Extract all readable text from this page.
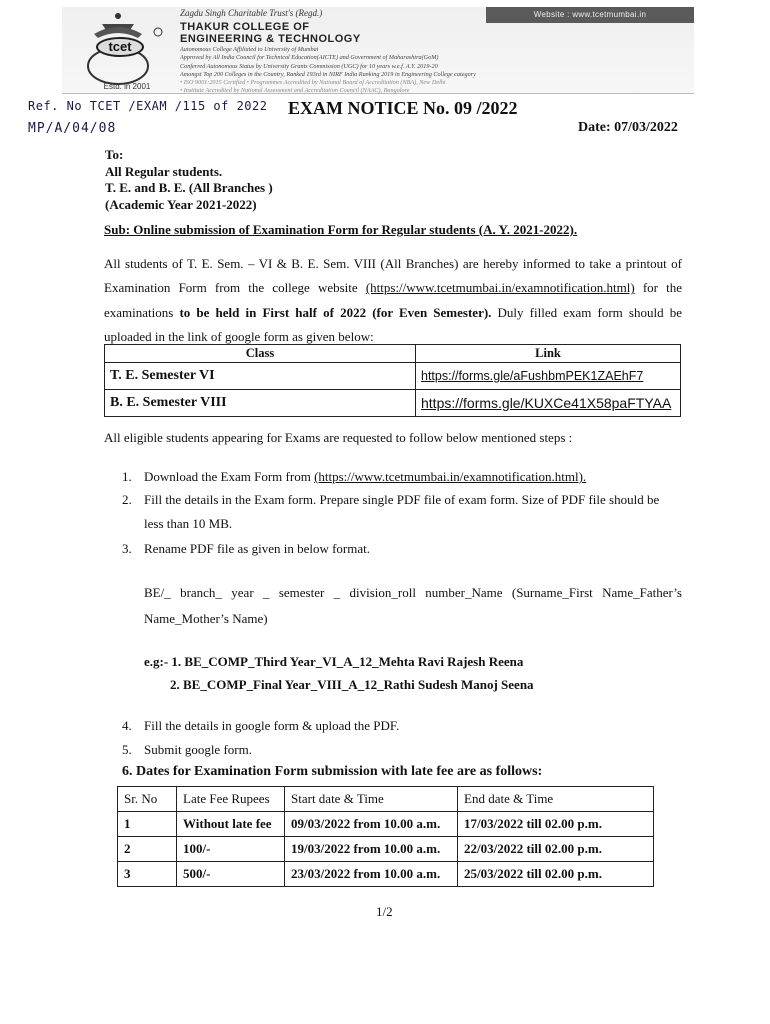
Website : www.tcetmumbai.in
tcet
Estd. in 2001
Zagdu Singh Charitable Trust's (Regd.)
THAKUR COLLEGE OF
ENGINEERING & TECHNOLOGY
Autonomous College Affiliated to University of Mumbai
Approved by All India Council for Technical Education(AICTE) and Government of Maharashtra(GoM)
Conferred Autonomous Status by University Grants Commission (UGC) for 10 years w.e.f. A.Y. 2019-20
Amongst Top 200 Colleges in the Country, Ranked 193rd in NIRF India Ranking 2019 in Engineering College category
• ISO 9001:2015 Certified • Programmes Accredited by National Board of Accreditation (NBA), New Delhi
• Institute Accredited by National Assessment and Accreditation Council (NAAC), Bangalore
Ref. No TCET /EXAM /115 of 2022
MP/A/04/08
EXAM NOTICE No. 09 /2022
Date: 07/03/2022
To:
All Regular students.
T. E. and B. E. (All Branches )
(Academic Year 2021-2022)
Sub: Online submission of Examination Form for Regular students (A. Y. 2021-2022).
All students of T. E. Sem. – VI & B. E. Sem. VIII (All Branches) are hereby informed to take a printout of Examination Form from the college website (https://www.tcetmumbai.in/examnotification.html) for the examinations to be held in First half of 2022 (for Even Semester). Duly filled exam form should be uploaded in the link of google form as given below:
Class	Link
T. E. Semester VI	https://forms.gle/aFushbmPEK1ZAEhF7
B. E. Semester VIII	https://forms.gle/KUXCe41X58paFTYAA
All eligible students appearing for Exams are requested to follow below mentioned steps :
1. Download the Exam Form from (https://www.tcetmumbai.in/examnotification.html).
2. Fill the details in the Exam form. Prepare single PDF file of exam form. Size of PDF file should be less than 10 MB.
3. Rename PDF file as given in below format.
BE/_ branch_ year _ semester _ division_roll number_Name (Surname_First Name_Father’s Name_Mother’s Name)
e.g:- 1. BE_COMP_Third Year_VI_A_12_Mehta Ravi Rajesh Reena
2. BE_COMP_Final Year_VIII_A_12_Rathi Sudesh Manoj Seena
4. Fill the details in google form & upload the PDF.
5. Submit google form.
6. Dates for Examination Form submission with late fee are as follows:
Sr. No	Late Fee Rupees	Start date & Time	End date & Time
1	Without late fee	09/03/2022 from 10.00 a.m.	17/03/2022 till 02.00 p.m.
2	100/-	19/03/2022 from 10.00 a.m.	22/03/2022 till 02.00 p.m.
3	500/-	23/03/2022 from 10.00 a.m.	25/03/2022 till 02.00 p.m.
1/2
